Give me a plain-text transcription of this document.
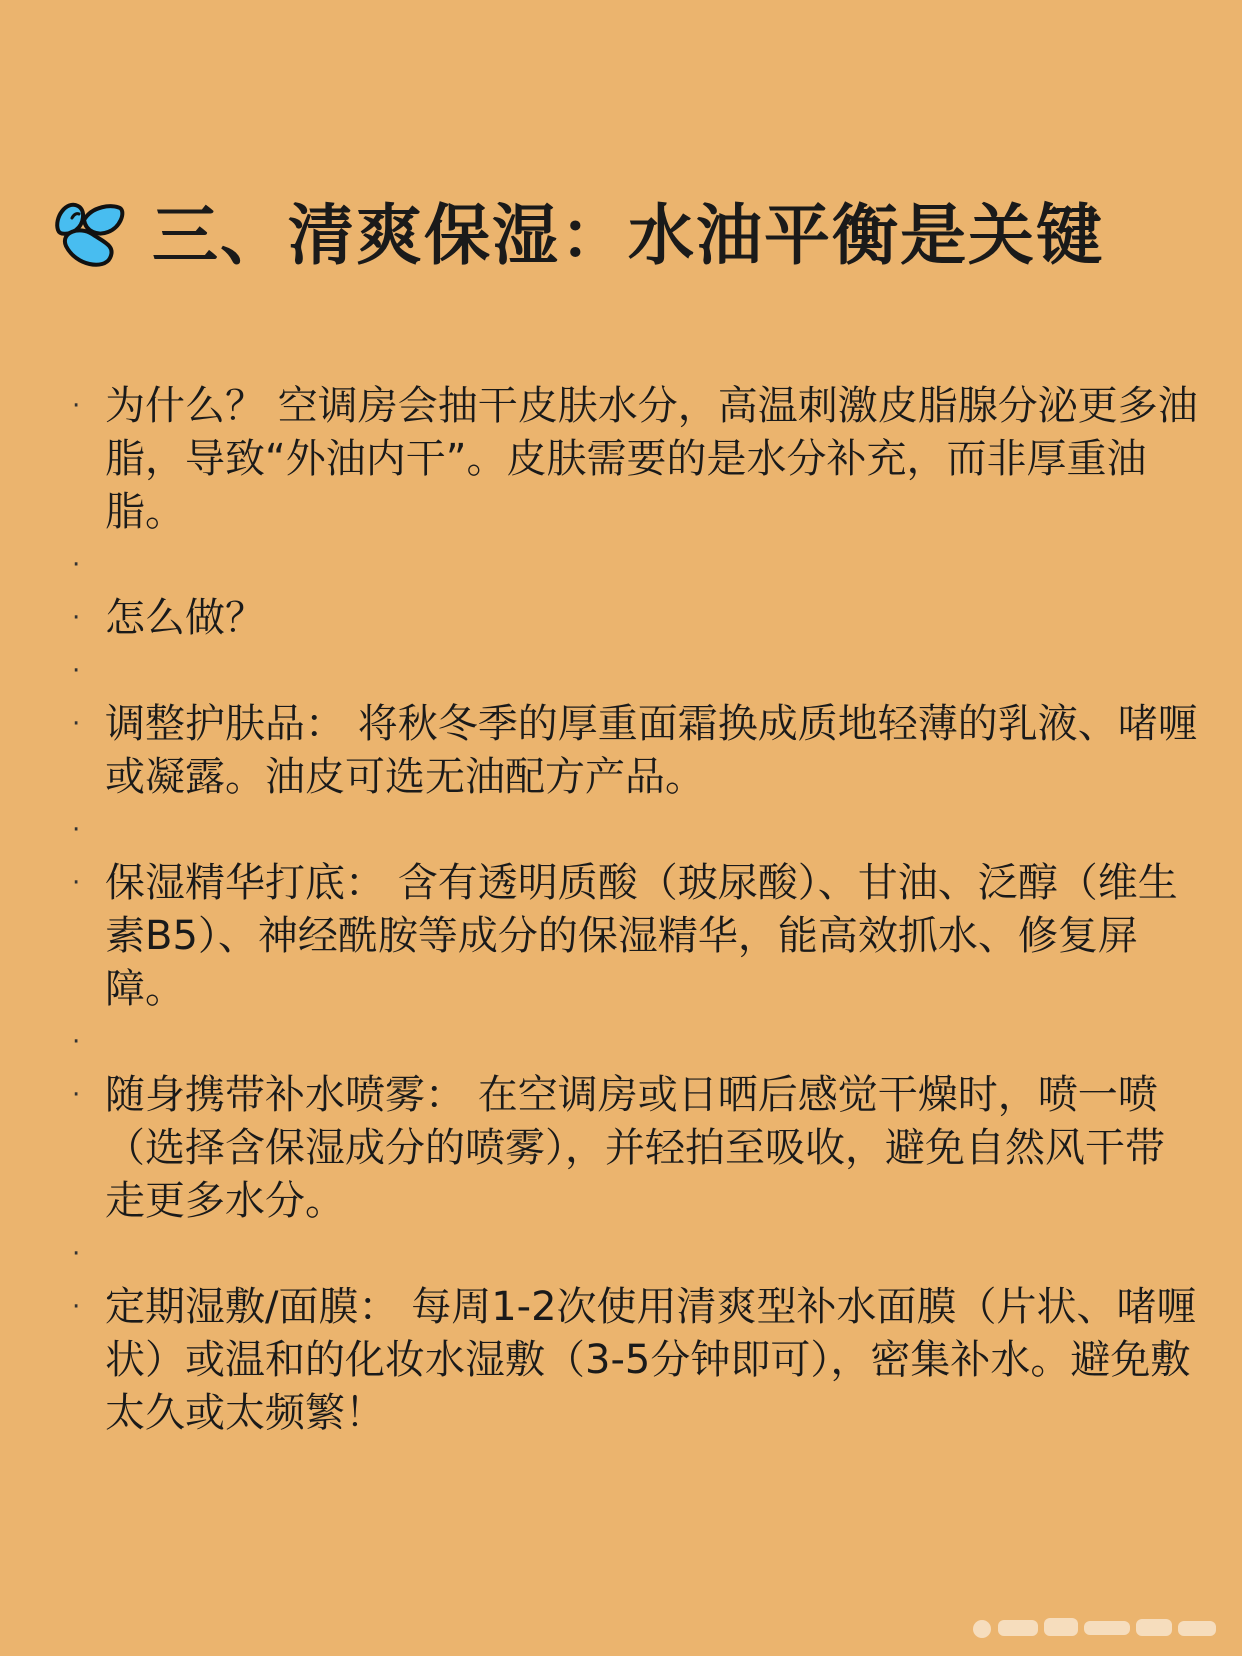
三、清爽保湿：水油平衡是关键
· 为什么？ 空调房会抽干皮肤水分，高温刺激皮脂腺分泌更多油脂，导致“外油内干”。皮肤需要的是水分补充，而非厚重油脂。
·
· 怎么做？
·
· 调整护肤品： 将秋冬季的厚重面霜换成质地轻薄的乳液、啫喱或凝露。油皮可选无油配方产品。
·
· 保湿精华打底： 含有透明质酸（玻尿酸）、甘油、泛醇（维生素B5）、神经酰胺等成分的保湿精华，能高效抓水、修复屏障。
·
· 随身携带补水喷雾： 在空调房或日晒后感觉干燥时，喷一喷（选择含保湿成分的喷雾），并轻拍至吸收，避免自然风干带走更多水分。
·
· 定期湿敷/面膜： 每周1-2次使用清爽型补水面膜（片状、啫喱状）或温和的化妆水湿敷（3-5分钟即可），密集补水。避免敷太久或太频繁！
